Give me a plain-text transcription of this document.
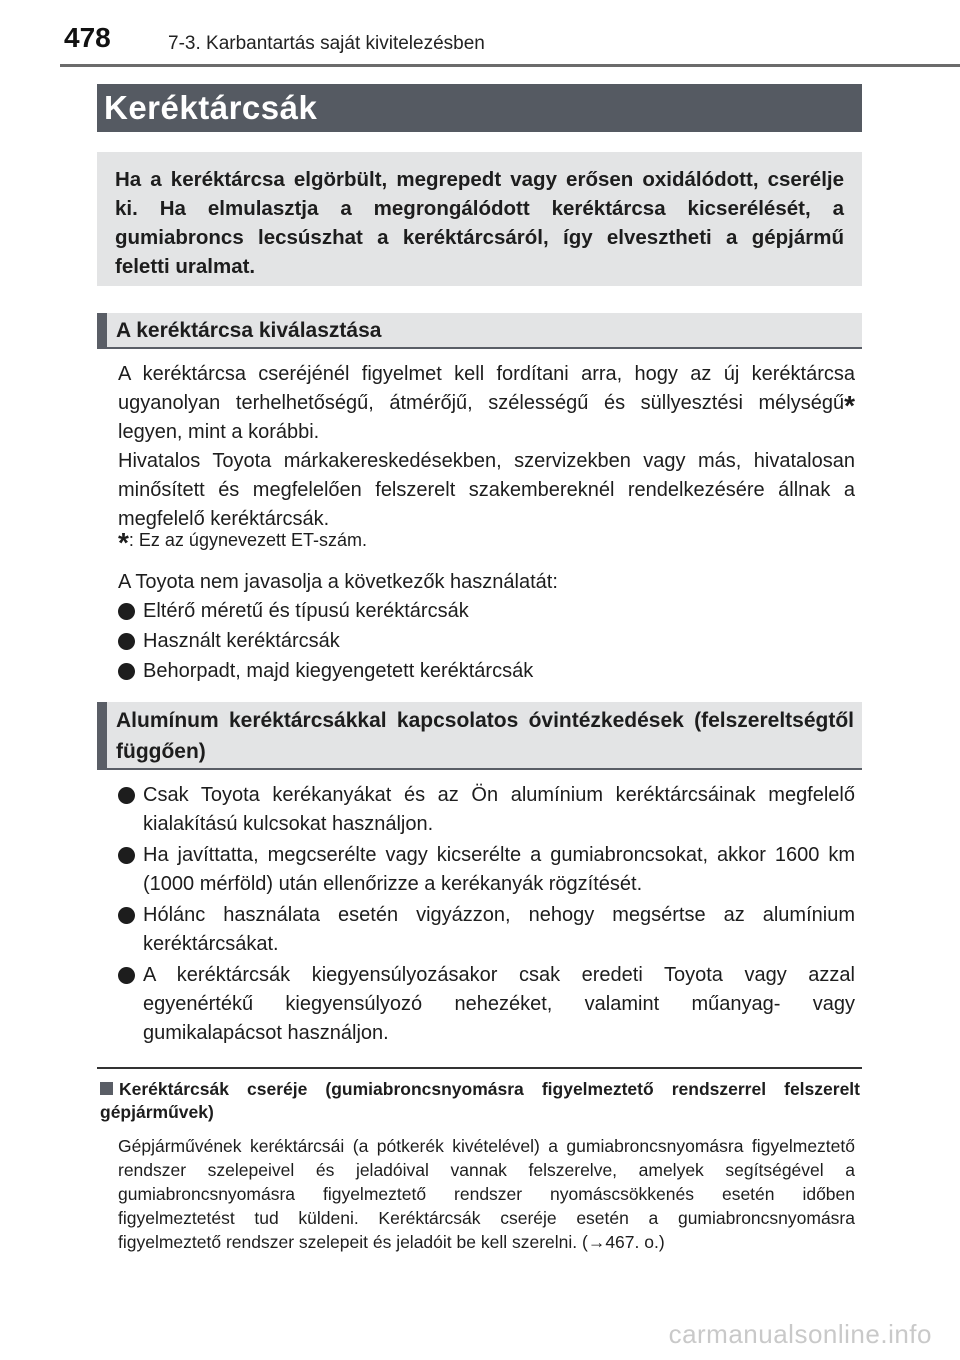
478	7-3. Karbantartás saját kivitelezésben
Keréktárcsák

Ha a keréktárcsa elgörbült, megrepedt vagy erősen oxidálódott, cserélje ki. Ha elmulasztja a megrongálódott keréktárcsa kicserélését, a gumiabroncs lecsúszhat a keréktárcsáról, így elvesztheti a gépjármű feletti uralmat.

A keréktárcsa kiválasztása

A keréktárcsa cseréjénél figyelmet kell fordítani arra, hogy az új keréktárcsa ugyanolyan terhelhetőségű, átmérőjű, szélességű és süllyesztési mélységű* legyen, mint a korábbi.

Hivatalos Toyota márkakereskedésekben, szervizekben vagy más, hivatalosan minősített és megfelelően felszerelt szakembereknél rendelkezésére állnak a megfelelő keréktárcsák.

*: Ez az úgynevezett ET-szám.

A Toyota nem javasolja a következők használatát:

Eltérő méretű és típusú keréktárcsák
Használt keréktárcsák
Behorpadt, majd kiegyengetett keréktárcsák
Alumínum keréktárcsákkal kapcsolatos óvintézkedések (felszereltségtől függően)
Csak Toyota kerékanyákat és az Ön alumínium keréktárcsáinak megfelelő kialakítású kulcsokat használjon.
Ha javíttatta, megcserélte vagy kicserélte a gumiabroncsokat, akkor 1600 km (1000 mérföld) után ellenőrizze a kerékanyák rögzítését.
Hólánc használata esetén vigyázzon, nehogy megsértse az alumínium keréktárcsákat.
A keréktárcsák kiegyensúlyozásakor csak eredeti Toyota vagy azzal egyenértékű kiegyensúlyozó nehezéket, valamint műanyag- vagy gumikalapácsot használjon.
Keréktárcsák cseréje (gumiabroncsnyomásra figyelmeztető rendszerrel felszerelt gépjárművek)

Gépjárművének keréktárcsái (a pótkerék kivételével) a gumiabroncsnyomásra figyelmeztető rendszer szelepeivel és jeladóival vannak felszerelve, amelyek segítségével a gumiabroncsnyomásra figyelmeztető rendszer nyomáscsökkenés esetén időben figyelmeztetést tud küldeni. Keréktárcsák cseréje esetén a gumiabroncsnyomásra figyelmeztető rendszer szelepeit és jeladóit be kell szerelni. (→467. o.)

carmanualsonline.info
